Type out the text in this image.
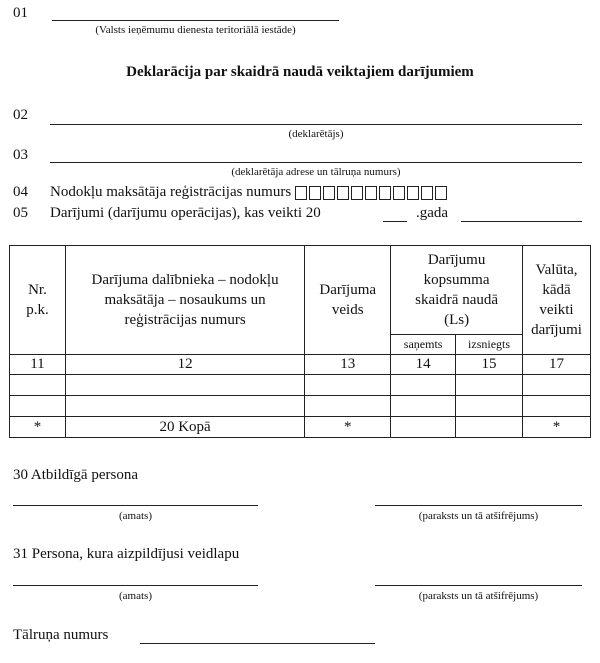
01
(Valsts ieņēmumu dienesta teritoriālā iestāde)
Deklarācija par skaidrā naudā veiktajiem darījumiem
02
(deklarētājs)
03
(deklarētāja adrese un tālruņa numurs)
04 Nodokļu maksātāja reģistrācijas numurs
05 Darījumi (darījumu operācijas), kas veikti 20	.gada
Nr. p.k.	Darījuma dalībnieka – nodokļu maksātāja – nosaukums un reģistrācijas numurs	Darījuma veids	Darījumu kopsumma skaidrā naudā (Ls)		Valūta, kādā veikti darījumi
			saņemts	izsniegts	
11	12	13	14	15	17

*	20 Kopā	*			*
30 Atbildīgā persona
(amats)	(paraksts un tā atšifrējums)
31 Persona, kura aizpildījusi veidlapu
(amats)	(paraksts un tā atšifrējums)
Tālruņa numurs
